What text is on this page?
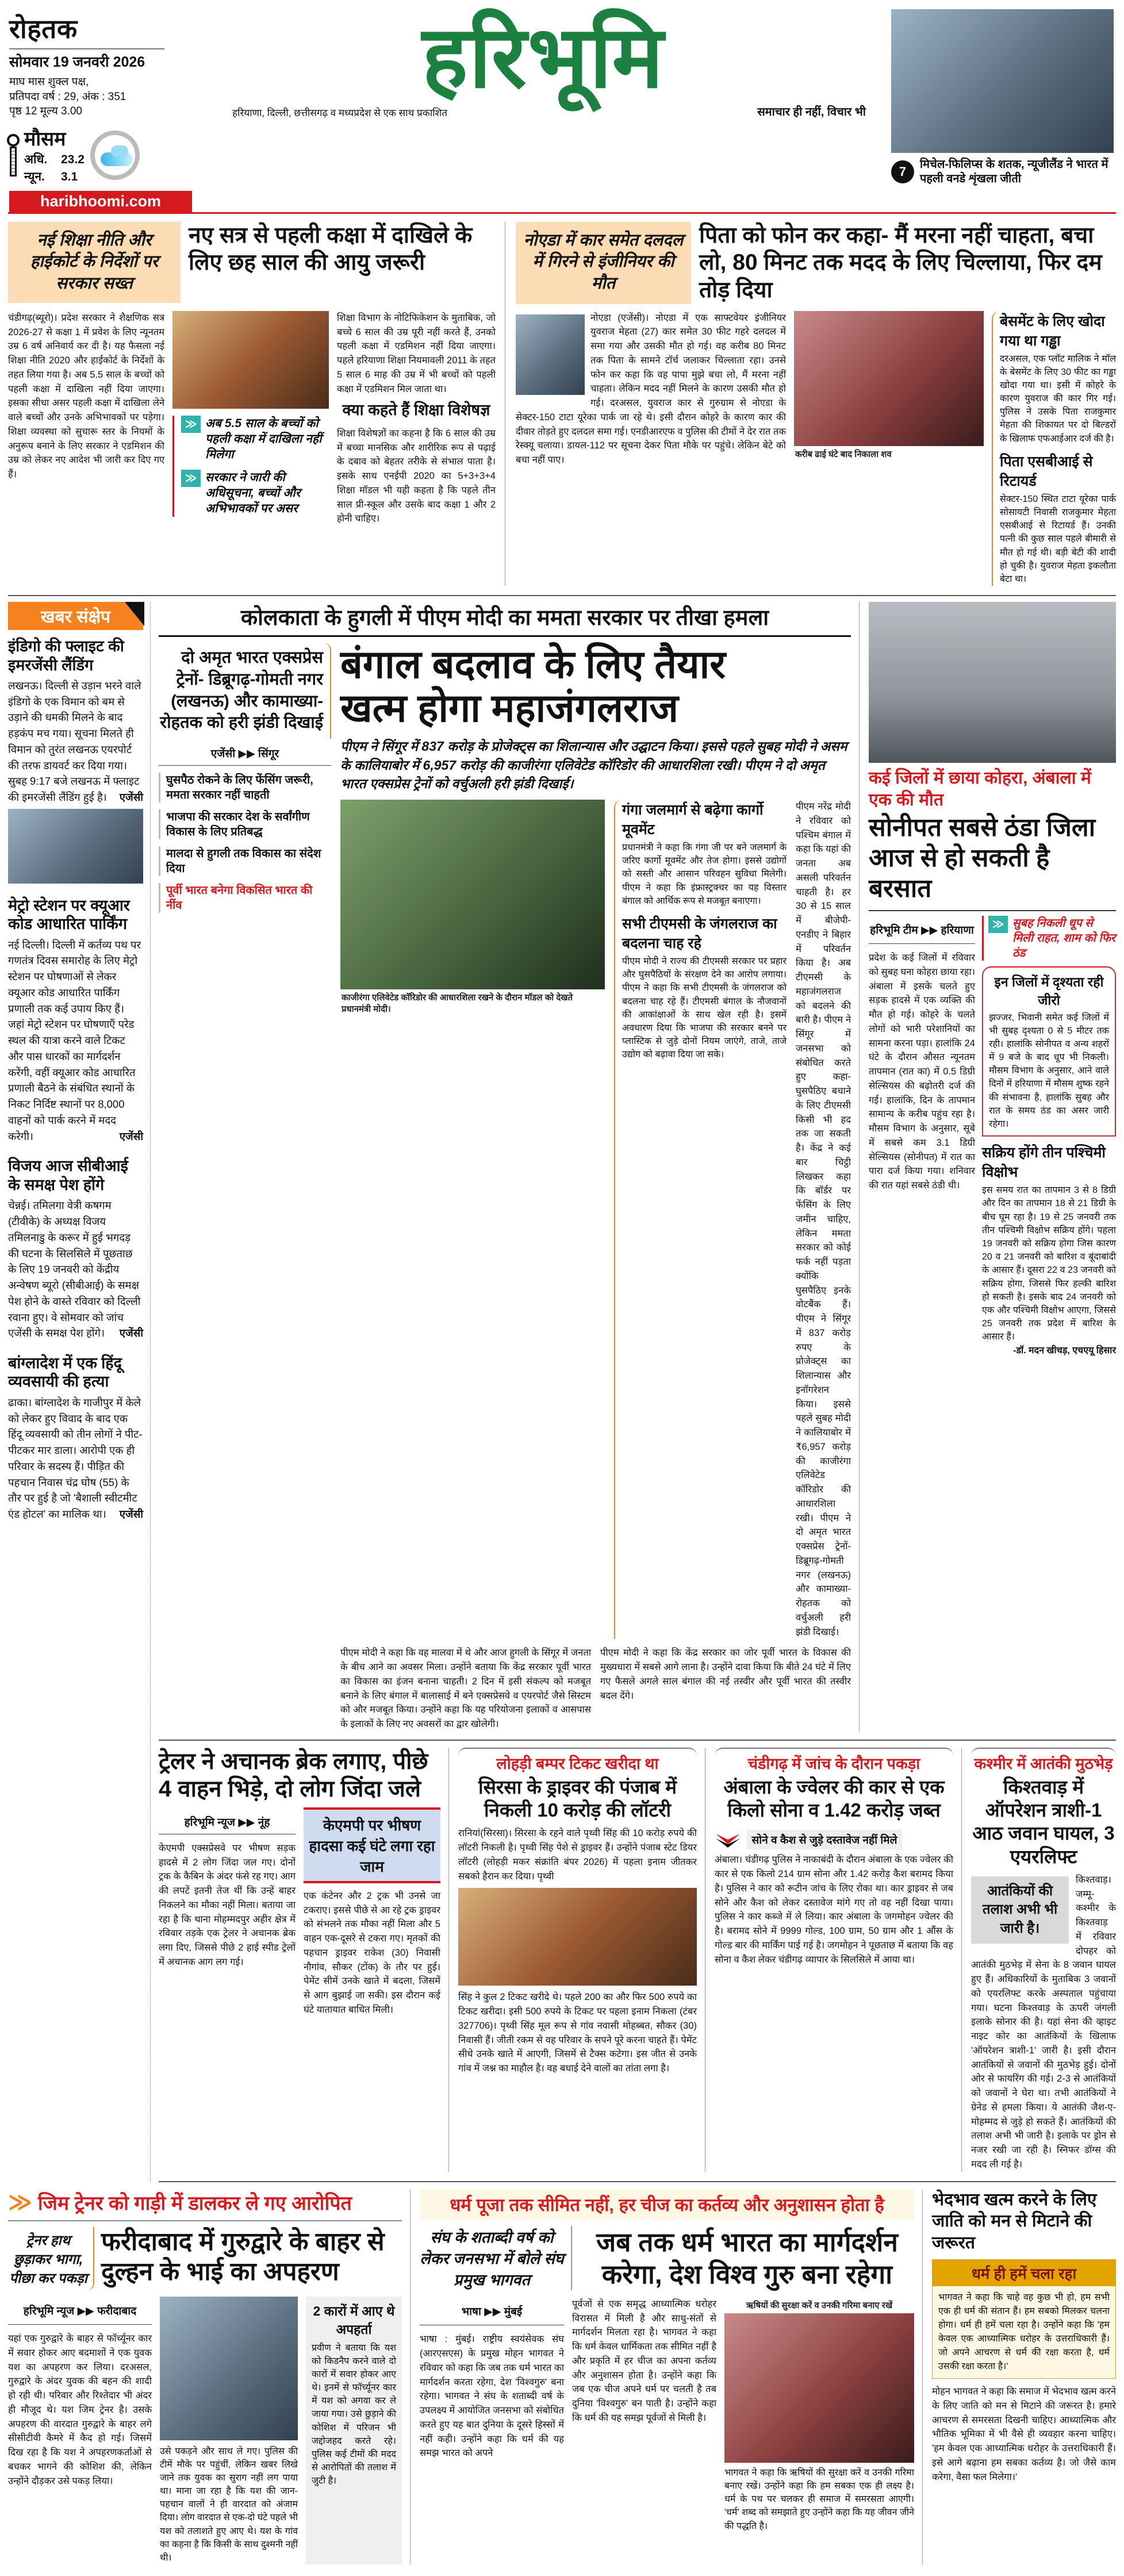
रोहतक
सोमवार 19 जनवरी 2026
माघ मास शुक्ल पक्ष,
प्रतिपदा वर्ष : 29, अंक : 351
पृष्ठ 12 मूल्य 3.00
मौसम
अधि. 23.2
न्यून. 3.1
haribhoomi.com
हरिभूमि
हरियाणा, दिल्ली, छत्तीसगढ़ व मध्यप्रदेश से एक साथ प्रकाशित	समाचार ही नहीं, विचार भी
7	मिचेल-फिलिप्स के शतक, न्यूजीलैंड ने भारत में पहली वनडे शृंखला जीती
नई शिक्षा नीति और हाईकोर्ट के निर्देशों पर सरकार सख्त
नए सत्र से पहली कक्षा में दाखिले के लिए छह साल की आयु जरूरी
चंडीगढ़(ब्यूरो)। प्रदेश सरकार ने शैक्षणिक सत्र 2026-27 से कक्षा 1 में प्रवेश के लिए न्यूनतम उम्र 6 वर्ष अनिवार्य कर दी है। यह फैसला नई शिक्षा नीति 2020 और हाईकोर्ट के निर्देशों के तहत लिया गया है। अब 5.5 साल के बच्चों को पहली कक्षा में दाखिला नहीं दिया जाएगा। इसका सीधा असर पहली कक्षा में दाखिला लेने वाले बच्चों और उनके अभिभावकों पर पड़ेगा। शिक्षा व्यवस्था को सुचारू स्तर के नियमों के अनुरूप बनाने के लिए सरकार ने एडमिशन की उम्र को लेकर नए आदेश भी जारी कर दिए गए हैं।
≫ अब 5.5 साल के बच्चों को पहली कक्षा में दाखिला नहीं मिलेगा
≫ सरकार ने जारी की अधिसूचना, बच्चों और अभिभावकों पर असर
शिक्षा विभाग के नोटिफिकेशन के मुताबिक, जो बच्चे 6 साल की उम्र पूरी नहीं करते हैं, उनको पहली कक्षा में एडमिशन नहीं दिया जाएगा। पहले हरियाणा शिक्षा नियमावली 2011 के तहत 5 साल 6 माह की उम्र में भी बच्चों को पहली कक्षा में एडमिशन मिल जाता था।
क्या कहते हैं शिक्षा विशेषज्ञ
शिक्षा विशेषज्ञों का कहना है कि 6 साल की उम्र में बच्चा मानसिक और शारीरिक रूप से पढ़ाई के दबाव को बेहतर तरीके से संभाल पाता है। इसके साथ एनईपी 2020 का 5+3+3+4 शिक्षा मॉडल भी यही कहता है कि पहले तीन साल प्री-स्कूल और उसके बाद कक्षा 1 और 2 होनी चाहिए।
नोएडा में कार समेत दलदल में गिरने से इंजीनियर की मौत
पिता को फोन कर कहा- मैं मरना नहीं चाहता, बचा लो, 80 मिनट तक मदद के लिए चिल्लाया, फिर दम तोड़ दिया
नोएडा (एजेंसी)। नोएडा में एक साफ्टवेयर इंजीनियर युवराज मेहता (27) कार समेत 30 फीट गहरे दलदल में समा गया और उसकी मौत हो गई। वह करीब 80 मिनट तक पिता के सामने टॉर्च जलाकर चिल्लाता रहा। उनसे फोन कर कहा कि वह पापा मुझे बचा लो, मैं मरना नहीं चाहता। लेकिन मदद नहीं मिलने के कारण उसकी मौत हो गई। दरअसल, युवराज कार से गुरुग्राम से नोएडा के सेक्टर-150 टाटा यूरेका पार्क जा रहे थे। इसी दौरान कोहरे के कारण कार की दीवार तोड़ते हुए दलदल समा गई। एनडीआरएफ व पुलिस की टीमों ने देर रात तक रेस्क्यू चलाया। डायल-112 पर सूचना देकर पिता मौके पर पहुंचे। लेकिन बेटे को बचा नहीं पाए।
करीब ढाई घंटे बाद निकाला शव
बेसमेंट के लिए खोदा गया था गड्ढा
दरअसल, एक प्लॉट मालिक ने मॉल के बेसमेंट के लिए 30 फीट का गड्ढा खोदा गया था। इसी में कोहरे के कारण युवराज की कार गिर गई। पुलिस ने उसके पिता राजकुमार मेहता की शिकायत पर दो बिल्डरों के खिलाफ एफआईआर दर्ज की है।
पिता एसबीआई से रिटायर्ड
सेक्टर-150 स्थित टाटा यूरेका पार्क सोसायटी निवासी राजकुमार मेहता एसबीआई से रिटायर्ड हैं। उनकी पत्नी की कुछ साल पहले बीमारी से मौत हो गई थी। बड़ी बेटी की शादी हो चुकी है। युवराज मेहता इकलौता बेटा था।
खबर संक्षेप
इंडिगो की फ्लाइट की इमरजेंसी लैंडिंग
लखनऊ। दिल्ली से उड़ान भरने वाले इंडिगो के एक विमान को बम से उड़ाने की धमकी मिलने के बाद हड़कंप मच गया। सूचना मिलते ही विमान को तुरंत लखनऊ एयरपोर्ट की तरफ डायवर्ट कर दिया गया। सुबह 9:17 बजे लखनऊ में फ्लाइट की इमरजेंसी लैंडिंग हुई है। एजेंसी
मेट्रो स्टेशन पर क्यूआर कोड आधारित पार्किंग
नई दिल्ली। दिल्ली में कर्तव्य पथ पर गणतंत्र दिवस समारोह के लिए मेट्रो स्टेशन पर घोषणाओं से लेकर क्यूआर कोड आधारित पार्किंग प्रणाली तक कई उपाय किए हैं। जहां मेट्रो स्टेशन पर घोषणाएँ परेड स्थल की यात्रा करने वाले टिकट और पास धारकों का मार्गदर्शन करेंगी, वहीं क्यूआर कोड आधारित प्रणाली बैठने के संबंधित स्थानों के निकट निर्दिष्ट स्थानों पर 8,000 वाहनों को पार्क करने में मदद करेगी।	एजेंसी
विजय आज सीबीआई के समक्ष पेश होंगे
चेन्नई। तमिलगा वेत्री कषगम (टीवीके) के अध्यक्ष विजय तमिलनाडु के करूर में हुई भगदड़ की घटना के सिलसिले में पूछताछ के लिए 19 जनवरी को केंद्रीय अन्वेषण ब्यूरो (सीबीआई) के समक्ष पेश होने के वास्ते रविवार को दिल्ली रवाना हुए। वे सोमवार को जांच एजेंसी के समक्ष पेश होंगे। एजेंसी
बांग्लादेश में एक हिंदू व्यवसायी की हत्या
ढाका। बांग्लादेश के गाजीपुर में केले को लेकर हुए विवाद के बाद एक हिंदू व्यवसायी को तीन लोगों ने पीट-पीटकर मार डाला। आरोपी एक ही परिवार के सदस्य हैं। पीड़ित की पहचान निवास चंद्र घोष (55) के तौर पर हुई है जो 'बैशाली स्वीटमीट एंड होटल' का मालिक था। एजेंसी
कोलकाता के हुगली में पीएम मोदी का ममता सरकार पर तीखा हमला
दो अमृत भारत एक्सप्रेस ट्रेनों- डिब्रूगढ़-गोमती नगर (लखनऊ) और कामाख्या-रोहतक को हरी झंडी दिखाई
एजेंसी ▶▶ सिंगूर
घुसपैठ रोकने के लिए फेंसिंग जरूरी, ममता सरकार नहीं चाहती
भाजपा की सरकार देश के सर्वांगीण विकास के लिए प्रतिबद्ध
मालदा से हुगली तक विकास का संदेश दिया
पूर्वी भारत बनेगा विकसित भारत की नींव
बंगाल बदलाव के लिए तैयार
खत्म होगा महाजंगलराज
पीएम ने सिंगूर में 837 करोड़ के प्रोजेक्ट्स का शिलान्यास और उद्घाटन किया। इससे पहले सुबह मोदी ने असम के कालियाबोर में 6,957 करोड़ की काजीरंगा एलिवेटेड कॉरिडोर की आधारशिला रखी। पीएम ने दो अमृत भारत एक्सप्रेस ट्रेनों को वर्चुअली हरी झंडी दिखाई।
काजीरंगा एलिवेटेड कॉरिडोर की आधारशिला रखने के दौरान मॉडल को देखते प्रधानमंत्री मोदी।
गंगा जलमार्ग से बढ़ेगा कार्गो मूवमेंट
प्रधानमंत्री ने कहा कि गंगा जी पर बने जलमार्ग के जरिए कार्गो मूवमेंट और तेज होगा। इससे उद्योगों को सस्ती और आसान परिवहन सुविधा मिलेगी। पीएम ने कहा कि इंफ्रास्ट्रक्चर का यह विस्तार बंगाल को आर्थिक रूप से मजबूत बनाएगा।
सभी टीएमसी के जंगलराज का बदलना चाह रहे
पीएम मोदी ने राज्य की टीएमसी सरकार पर प्रहार और घुसपैठियों के संरक्षण देने का आरोप लगाया। पीएम ने कहा कि सभी टीएमसी के जंगलराज को बदलना चाह रहे हैं। टीएमसी बंगाल के नौजवानों की आकांक्षाओं के साथ खेल रही है। इसमें अवधारण दिया कि भाजपा की सरकार बनने पर प्लास्टिक से जुड़े दोनों नियम जाएंगे, ताजे, ताजे उद्योग को बढ़ावा दिया जा सके।
पीएम नरेंद्र मोदी ने रविवार को पश्चिम बंगाल में कहा कि यहां की जनता अब असली परिवर्तन चाहती है। हर 30 से 15 साल में बीजेपी-एनडीए ने बिहार में परिवर्तन किया है। अब टीएमसी के महाजंगलराज को बदलने की बारी है। पीएम ने सिंगूर में जनसभा को संबोधित करते हुए कहा-घुसपैठिए बचाने के लिए टीएमसी किसी भी हद तक जा सकती है। केंद्र ने कई बार चिट्ठी लिखकर कहा कि बॉर्डर पर फेंसिंग के लिए जमीन चाहिए, लेकिन ममता सरकार को कोई फर्क नहीं पड़ता क्योंकि घुसपैठिए इनके वोटबैंक हैं। पीएम ने सिंगूर में 837 करोड़ रुपए के प्रोजेक्ट्स का शिलान्यास और इनॉगरेशन किया। इससे पहले सुबह मोदी ने कालियाबोर में ₹6,957 करोड़ की काजीरंगा एलिवेटेड कॉरिडोर की आधारशिला रखी। पीएम ने दो अमृत भारत एक्सप्रेस ट्रेनों- डिब्रूगढ़-गोमती नगर (लखनऊ) और कामाख्या-रोहतक को वर्चुअली हरी झंडी दिखाई।
पीएम मोदी ने कहा कि वह मालवा में थे और आज हुगली के सिंगूर में जनता के बीच आने का अवसर मिला। उन्होंने बताया कि केंद्र सरकार पूर्वी भारत का विकास का इंजन बनाना चाहती। 2 दिन में इसी संकल्प को मजबूत बनाने के लिए बंगाल में बालासाई में बने एक्सप्रेसवे व एयरपोर्ट जैसे सिस्टम को और मजबूत किया। उन्होंने कहा कि यह परियोजना इलाकों व आसपास के इलाकों के लिए नए अवसरों का द्वार खोलेगी।
पीएम मोदी ने कहा कि केंद्र सरकार का जोर पूर्वी भारत के विकास की मुख्यधारा में सबसे आगे लाना है। उन्होंने दावा किया कि बीते 24 घंटे में लिए गए फैसले अगले साल बंगाल की नई तस्वीर और पूर्वी भारत की तस्वीर बदल देंगे।
कई जिलों में छाया कोहरा, अंबाला में एक की मौत
सोनीपत सबसे ठंडा जिला आज से हो सकती है बरसात
हरिभूमि टीम ▶▶ हरियाणा
प्रदेश के कई जिलों में रविवार को सुबह घना कोहरा छाया रहा। अंबाला में इसके चलते हुए सड़क हादसे में एक व्यक्ति की मौत हो गई। कोहरे के चलते लोगों को भारी परेशानियों का सामना करना पड़ा। हालांकि 24 घंटे के दौरान औसत न्यूनतम तापमान (रात का) में 0.5 डिग्री सेल्सियस की बढ़ोतरी दर्ज की गई। हालांकि, दिन के तापमान सामान्य के करीब पहुंच रहा है। मौसम विभाग के अनुसार, सूबे में सबसे कम 3.1 डिग्री सेल्सियस (सोनीपत) में रात का पारा दर्ज किया गया। शनिवार की रात यहां सबसे ठंडी थी।
≫ सुबह निकली धूप से मिली राहत, शाम को फिर ठंड
इन जिलों में दृश्यता रही जीरो
झज्जर, भिवानी समेत कई जिलों में भी सुबह दृश्यता 0 से 5 मीटर तक रही। हालांकि सोनीपत व अन्य शहरों में 9 बजे के बाद धूप भी निकली। मौसम विभाग के अनुसार, आने वाले दिनों में हरियाणा में मौसम शुष्क रहने की संभावना है, हालांकि सुबह और रात के समय ठंड का असर जारी रहेगा।
सक्रिय होंगे तीन पश्चिमी विक्षोभ
इस समय रात का तापमान 3 से 8 डिग्री और दिन का तापमान 18 से 21 डिग्री के बीच घूम रहा है। 19 से 25 जनवरी तक तीन पश्चिमी विक्षोभ सक्रिय होंगे। पहला 19 जनवरी को सक्रिय होगा जिस कारण 20 व 21 जनवरी को बारिश व बूंदाबांदी के आसार हैं। दूसरा 22 व 23 जनवरी को सक्रिय होगा, जिससे फिर हल्की बारिश हो सकती है। इसके बाद 24 जनवरी को एक और पश्चिमी विक्षोभ आएगा, जिससे 25 जनवरी तक प्रदेश में बारिश के आसार हैं।
-डॉ. मदन खीचड़, एचएयू हिसार
ट्रेलर ने अचानक ब्रेक लगाए, पीछे 4 वाहन भिड़े, दो लोग जिंदा जले
हरिभूमि न्यूज ▶▶ नूंह

केएमपी एक्सप्रेसवे पर भीषण सड़क हादसे में 2 लोग जिंदा जल गए। दोनों ट्रक के कैबिन के अंदर फंसे रह गए। आग की लपटें इतनी तेज थीं कि उन्हें बाहर निकलने का मौका नहीं मिला। बताया जा रहा है कि थाना मोहम्मदपुर अहीर क्षेत्र में रविवार तड़के एक ट्रेलर ने अचानक ब्रेक लगा दिए, जिससे पीछे 2 हाई स्पीड ट्रेलों में अचानक आग लग गई।

केएमपी पर भीषण हादसा कई घंटे लगा रहा जाम

एक कंटेनर और 2 ट्रक भी उनसे जा टकराए। इससे पीछे से आ रहे ट्रक ड्राइवर को संभलने तक मौका नहीं मिला और 5 वाहन एक-दूसरे से टकरा गए। मृतकों की पहचान ड्राइवर राकेश (30) निवासी नौगांव, सौकर (टोंक) के तौर पर हुई। पेमेंट सीमें उनके खाते में बदला, जिसमें से आग बुझाई जा सकी। इस दौरान कई घंटे यातायात बाधित मिली।

लोहड़ी बम्पर टिकट खरीदा था
सिरसा के ड्राइवर की पंजाब में निकली 10 करोड़ की लॉटरी

रानियां(सिरसा)। सिरसा के रहने वाले पृथ्वी सिंह की 10 करोड़ रुपये की लॉटरी निकली है। पृथ्वी सिंह पेशे से ड्राइवर हैं। उन्होंने पंजाब स्टेट डियर लॉटरी (लोहड़ी मकर संक्रांति बंपर 2026) में पहला इनाम जीतकर सबको हैरान कर दिया। पृथ्वी

सिंह ने कुल 2 टिकट खरीदे थे। पहले 200 का और फिर 500 रुपये का टिकट खरीदा। इसी 500 रुपये के टिकट पर पहला इनाम निकला (टंबर 327706)। पृथ्वी सिंह मूल रूप से गांव नवासी मोहब्बत, सौकर (30) निवासी हैं। जीती रकम से वह परिवार के सपने पूरे करना चाहते हैं। पेमेंट सीधे उनके खाते में आएगी, जिसमें से टैक्स कटेगा। इस जीत से उनके गांव में जश्न का माहौल है। वह बधाई देने वालों का तांता लगा है।

चंडीगढ़ में जांच के दौरान पकड़ा
अंबाला के ज्वेलर की कार से एक किलो सोना व 1.42 करोड़ जब्त
सोने व कैश से जुड़े दस्तावेज नहीं मिले

अंबाला। चंडीगढ़ पुलिस ने नाकाबंदी के दौरान अंबाला के एक ज्वेलर की कार से एक किलो 214 ग्राम सोना और 1.42 करोड़ कैश बरामद किया है। पुलिस ने कार को रूटीन जांच के लिए रोका था। कार ड्राइवर से जब सोने और कैश को लेकर दस्तावेज मांगे गए तो वह नहीं दिखा पाया। पुलिस ने कार कब्जे में ले लिया। कार अंबाला के जगमोहन ज्वेलर की है। बरामद सोने में 9999 गोल्ड, 100 ग्राम, 50 ग्राम और 1 औंस के गोल्ड बार की मार्किंग पाई गई है। जगमोहन ने पूछताछ में बताया कि वह सोना व कैश लेकर चंडीगढ़ व्यापार के सिलसिले में आया था।

कश्मीर में आतंकी मुठभेड़
किश्तवाड़ में ऑपरेशन त्राशी-1 आठ जवान घायल, 3 एयरलिफ्ट
आतंकियों की तलाश अभी भी जारी है।

किश्तवाड़। जम्मू-कश्मीर के किश्तवाड़ में रविवार दोपहर को आतंकी मुठभेड़ में सेना के 8 जवान घायल हुए हैं। अधिकारियों के मुताबिक 3 जवानों को एयरलिफ्ट करके अस्पताल पहुंचाया गया। घटना किश्तवाड़ के ऊपरी जंगली इलाके सोनार की है। यहां सेना की व्हाइट नाइट कोर का आतंकियों के खिलाफ 'ऑपरेशन त्राशी-1' जारी है। इसी दौरान आतंकियों से जवानों की मुठभेड़ हुई। दोनों ओर से फायरिंग की गई। 2-3 से आतंकियों को जवानों ने घेरा था। तभी आतंकियों ने ग्रेनेड से हमला किया। ये आतंकी जैश-ए-मोहम्मद से जुड़े हो सकते हैं। आतंकियों की तलाश अभी भी जारी है। इलाके पर ड्रोन से नजर रखी जा रही है। स्निफर डॉग्स की मदद ली गई है।

≫ जिम ट्रेनर को गाड़ी में डालकर ले गए आरोपित
ट्रेनर हाथ छुड़ाकर भागा, पीछा कर पकड़ा
फरीदाबाद में गुरुद्वारे के बाहर से दुल्हन के भाई का अपहरण
हरिभूमि न्यूज ▶▶ फरीदाबाद
यहां एक गुरुद्वारे के बाहर से फॉर्च्यूनर कार में सवार होकर आए बदमाशों ने एक युवक यश का अपहरण कर लिया। दरअसल, गुरुद्वारे के अंदर युवक की बहन की शादी हो रही थी। परिवार और रिश्तेदार भी अंदर ही मौजूद थे। यश जिम ट्रेनर है। उसके अपहरण की वारदात गुरुद्वारे के बाहर लगे सीसीटीवी कैमरे में कैद हो गई। जिसमें दिख रहा है कि यश ने अपहरणकर्ताओं से बचकर भागने की कोशिश की, लेकिन उन्होंने दौड़कर उसे पकड़ लिया।
उसे पकड़ने और साथ ले गए। पुलिस की टीमें मौके पर पहुंचीं, लेकिन खबर लिखे जाने तक युवक का सुराग नहीं लग पाया था। माना जा रहा है कि यश की जान-पहचान वालों ने ही वारदात को अंजाम दिया। लोग वारदात से एक-दो घंटे पहले भी यश को तलाशते हुए आए थे। यश के गांव का कहना है कि किसी के साथ दुश्मनी नहीं थी।
2 कारों में आए थे अपहर्ता
प्रवीण ने बताया कि यश को किडनैप करने वाले दो कारों में सवार होकर आए थे। इनमें से फॉर्च्यूनर कार में यश को अगवा कर ले जाया गया। उसे छुड़ाने की कोशिश में परिजन भी जद्दोजहद करते रहे। पुलिस कई टीमों की मदद से आरोपितों की तलाश में जुटी है।
धर्म पूजा तक सीमित नहीं, हर चीज का कर्तव्य और अनुशासन होता है
संघ के शताब्दी वर्ष को लेकर जनसभा में बोले संघ प्रमुख भागवत
जब तक धर्म भारत का मार्गदर्शन करेगा, देश विश्व गुरु बना रहेगा
भाषा ▶▶ मुंबई
भाषा : मुंबई। राष्ट्रीय स्वयंसेवक संघ (आरएसएस) के प्रमुख मोहन भागवत ने रविवार को कहा कि जब तक धर्म भारत का मार्गदर्शन करता रहेगा, देश 'विश्वगुरु' बना रहेगा। भागवत ने संघ के शताब्दी वर्ष के उपलक्ष्य में आयोजित जनसभा को संबोधित करते हुए यह बात दुनिया के दूसरे हिस्सों में नहीं कही। उन्होंने कहा कि धर्म की यह समझ भारत को अपने
पूर्वजों से एक समृद्ध आध्यात्मिक धरोहर विरासत में मिली है और साधु-संतों से मार्गदर्शन मिलता रहा है। भागवत ने कहा कि धर्म केवल धार्मिकता तक सीमित नहीं है और प्रकृति में हर चीज का अपना कर्तव्य और अनुशासन होता है। उन्होंने कहा कि जब एक चीज अपने धर्म पर चलती है तब दुनिया 'विश्वगुरु' बन पाती है। उन्होंने कहा कि धर्म की यह समझ पूर्वजों से मिली है।
ऋषियों की सुरक्षा करें व उनकी गरिमा बनाए रखें
भागवत ने कहा कि ऋषियों की सुरक्षा करें व उनकी गरिमा बनाए रखें। उन्होंने कहा कि हम सबका एक ही लक्ष्य है। धर्म के पथ पर चलकर ही समाज में समरसता आएगी। 'धर्म' शब्द को समझाते हुए उन्होंने कहा कि यह जीवन जीने की पद्धति है।
भेदभाव खत्म करने के लिए जाति को मन से मिटाने की जरूरत
धर्म ही हमें चला रहा
भागवत ने कहा कि चाहे वह कुछ भी हो, हम सभी एक ही धर्म की संतान हैं। हम सबको मिलकर चलना होगा। धर्म ही हमें चला रहा है। उन्होंने कहा कि 'हम केवल एक आध्यात्मिक धरोहर के उत्तराधिकारी हैं। जो अपने आचरण से धर्म की रक्षा करता है, धर्म उसकी रक्षा करता है।'
मोहन भागवत ने कहा कि समाज में भेदभाव खत्म करने के लिए जाति को मन से मिटाने की जरूरत है। हमारे आचरण से समरसता दिखनी चाहिए। आध्यात्मिक और भौतिक भूमिका में भी वैसे ही व्यवहार करना चाहिए। 'हम केवल एक आध्यात्मिक धरोहर के उत्तराधिकारी हैं। इसे आगे बढ़ाना हम सबका कर्तव्य है। जो जैसे काम करेगा, वैसा फल मिलेगा।'
